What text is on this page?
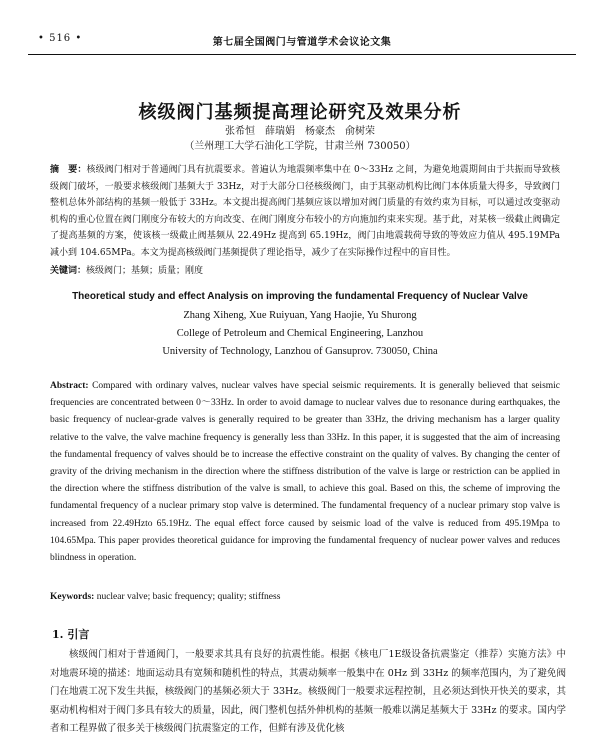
• 516 •	第七届全国阀门与管道学术会议论文集
核级阀门基频提高理论研究及效果分析
张希恒　薛瑞娟　杨豪杰　俞树荣
（兰州理工大学石油化工学院，甘肃兰州 730050）
摘　要：核级阀门相对于普通阀门具有抗震要求。普遍认为地震频率集中在 0～33Hz 之间，为避免地震期间由于共振而导致核级阀门破坏，一般要求核级阀门基频大于 33Hz，对于大部分口径核级阀门，由于其驱动机构比阀门本体质量大得多，导致阀门整机总体外部结构的基频一般低于 33Hz。本文提出提高阀门基频应该以增加对阀门质量的有效约束为目标，可以通过改变驱动机构的重心位置在阀门刚度分布较大的方向改变、在阀门刚度分布较小的方向施加约束来实现。基于此，对某核一级截止阀确定了提高基频的方案，使该核一级截止阀基频从 22.49Hz 提高到 65.19Hz，阀门由地震载荷导致的等效应力值从 495.19MPa 减小到 104.65MPa。本文为提高核级阀门基频提供了理论指导，减少了在实际操作过程中的盲目性。
关键词：核级阀门；基频；质量；刚度
Theoretical study and effect Analysis on improving the fundamental Frequency of Nuclear Valve
Zhang Xiheng, Xue Ruiyuan, Yang Haojie, Yu Shurong
College of Petroleum and Chemical Engineering, Lanzhou
University of Technology, Lanzhou of Gansuprov. 730050, China
Abstract: Compared with ordinary valves, nuclear valves have special seismic requirements. It is generally believed that seismic frequencies are concentrated between 0～33Hz. In order to avoid damage to nuclear valves due to resonance during earthquakes, the basic frequency of nuclear-grade valves is generally required to be greater than 33Hz, the driving mechanism has a larger quality relative to the valve, the valve machine frequency is generally less than 33Hz. In this paper, it is suggested that the aim of increasing the fundamental frequency of valves should be to increase the effective constraint on the quality of valves. By changing the center of gravity of the driving mechanism in the direction where the stiffness distribution of the valve is large or restriction can be applied in the direction where the stiffness distribution of the valve is small, to achieve this goal. Based on this, the scheme of improving the fundamental frequency of a nuclear primary stop valve is determined. The fundamental frequency of a nuclear primary stop valve is increased from 22.49Hzto 65.19Hz. The equal effect force caused by seismic load of the valve is reduced from 495.19Mpa to 104.65Mpa. This paper provides theoretical guidance for improving the fundamental frequency of nuclear power valves and reduces blindness in operation.
Keywords: nuclear valve; basic frequency; quality; stiffness
1. 引言
核级阀门相对于普通阀门，一般要求其具有良好的抗震性能。根据《核电厂1E级设备抗震鉴定（推荐）实施方法》中对地震环境的描述：地面运动具有宽频和随机性的特点，其震动频率一般集中在 0Hz 到 33Hz 的频率范围内，为了避免阀门在地震工况下发生共振，核级阀门的基频必须大于 33Hz。核级阀门一般要求远程控制，且必须达到快开快关的要求，其驱动机构相对于阀门多具有较大的质量，因此，阀门整机包括外伸机构的基频一般难以满足基频大于 33Hz 的要求。国内学者和工程界做了很多关于核级阀门抗震鉴定的工作，但鲜有涉及优化核
